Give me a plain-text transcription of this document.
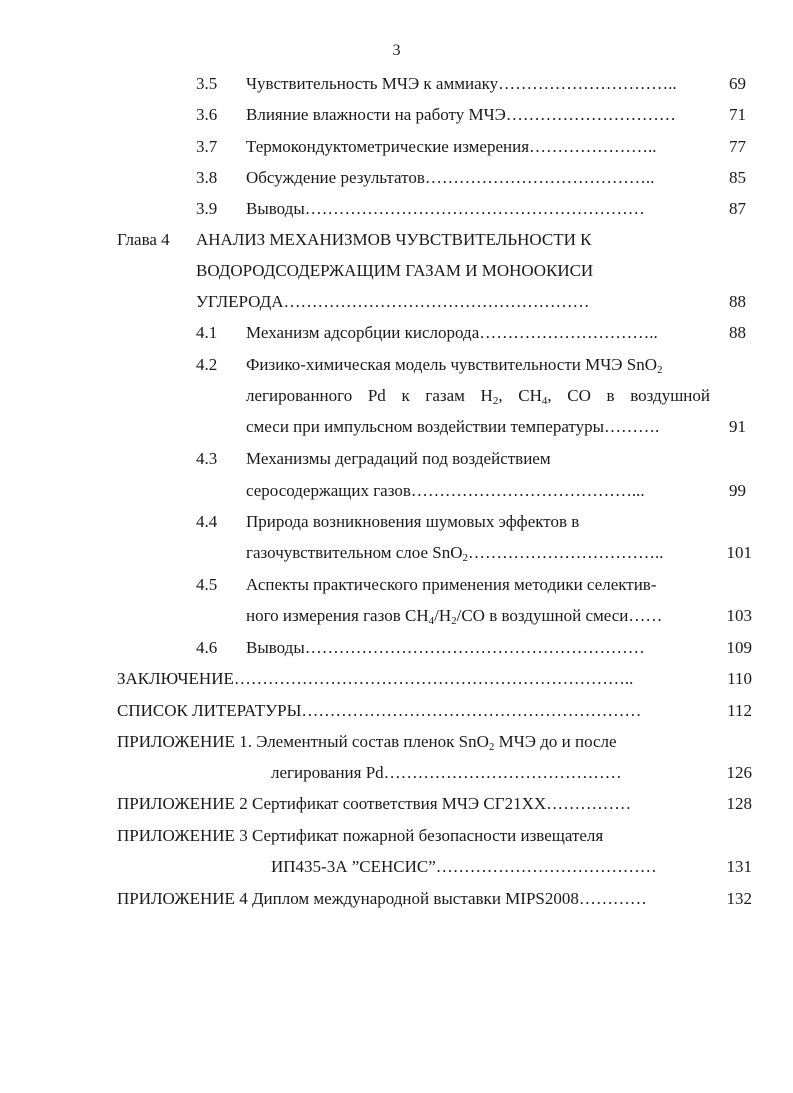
3
3.5 Чувствительность МЧЭ к аммиаку…………………………..	69
3.6 Влияние влажности на работу МЧЭ…………………………	71
3.7 Термокондуктометрические измерения…………………..	77
3.8 Обсуждение результатов…………………………………..	85
3.9 Выводы……………………………………………………	87
Глава 4 АНАЛИЗ МЕХАНИЗМОВ ЧУВСТВИТЕЛЬНОСТИ К
ВОДОРОДСОДЕРЖАЩИМ ГАЗАМ И МОНООКИСИ
УГЛЕРОДА………………………………………………	88
4.1 Механизм адсорбции кислорода…………………………..	88
4.2 Физико-химическая модель чувствительности МЧЭ SnO$_2$
легированного Pd к газам $H_2$, $CH_4$, CO в воздушной
смеси при импульсном воздействии температуры……….	91
4.3 Механизмы деградаций под воздействием
серосодержащих газов…………………………………...	99
4.4 Природа возникновения шумовых эффектов в
газочувствительном слое SnO$_2$……………………………..	101
4.5 Аспекты практического применения методики селектив-
ного измерения газов $CH_4/H_2/CO$ в воздушной смеси……	103
4.6 Выводы……………………………………………………	109
ЗАКЛЮЧЕНИЕ……………………………………………………………..	110
СПИСОК ЛИТЕРАТУРЫ……………………………………………………	112
ПРИЛОЖЕНИЕ 1. Элементный состав пленок SnO$_2$ МЧЭ до и после
легирования Pd……………………………………	126
ПРИЛОЖЕНИЕ 2 Сертификат соответствия МЧЭ СГ21ХХ……………	128
ПРИЛОЖЕНИЕ 3 Сертификат пожарной безопасности извещателя
ИП435-3А ”СЕНСИС”…………………………………	131
ПРИЛОЖЕНИЕ 4 Диплом международной выставки MIPS2008…………	132
